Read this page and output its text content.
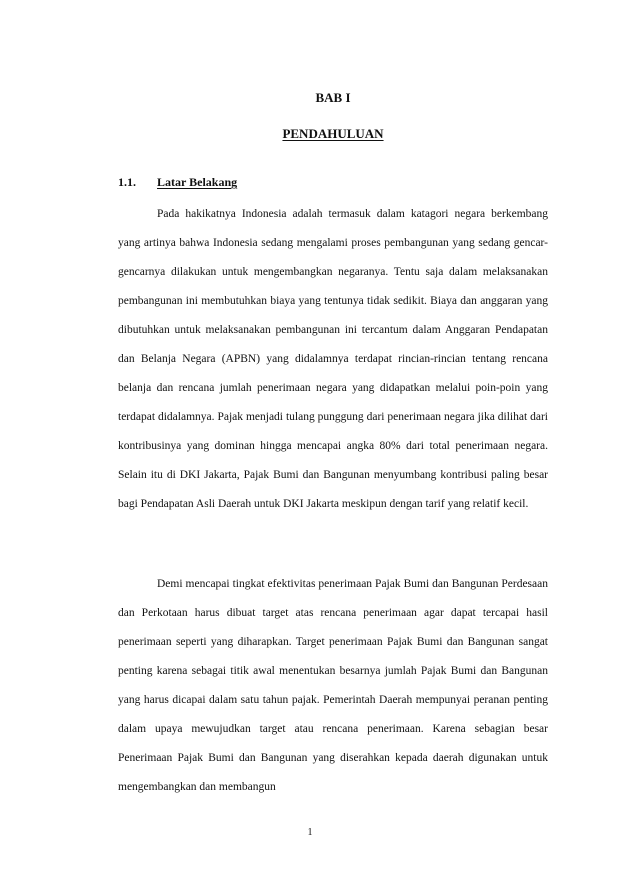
BAB I
PENDAHULUAN
1.1. Latar Belakang

Pada hakikatnya Indonesia adalah termasuk dalam katagori negara berkembang yang artinya bahwa Indonesia sedang mengalami proses pembangunan yang sedang gencar-gencarnya dilakukan untuk mengembangkan negaranya. Tentu saja dalam melaksanakan pembangunan ini membutuhkan biaya yang tentunya tidak sedikit. Biaya dan anggaran yang dibutuhkan untuk melaksanakan pembangunan ini tercantum dalam Anggaran Pendapatan dan Belanja Negara (APBN) yang didalamnya terdapat rincian-rincian tentang rencana belanja dan rencana jumlah penerimaan negara yang didapatkan melalui poin-poin yang terdapat didalamnya. Pajak menjadi tulang punggung dari penerimaan negara jika dilihat dari kontribusinya yang dominan hingga mencapai angka 80% dari total penerimaan negara. Selain itu di DKI Jakarta, Pajak Bumi dan Bangunan menyumbang kontribusi paling besar bagi Pendapatan Asli Daerah untuk DKI Jakarta meskipun dengan tarif yang relatif kecil.

Demi mencapai tingkat efektivitas penerimaan Pajak Bumi dan Bangunan Perdesaan dan Perkotaan harus dibuat target atas rencana penerimaan agar dapat tercapai hasil penerimaan seperti yang diharapkan. Target penerimaan Pajak Bumi dan Bangunan sangat penting karena sebagai titik awal menentukan besarnya jumlah Pajak Bumi dan Bangunan yang harus dicapai dalam satu tahun pajak. Pemerintah Daerah mempunyai peranan penting dalam upaya mewujudkan target atau rencana penerimaan. Karena sebagian besar Penerimaan Pajak Bumi dan Bangunan yang diserahkan kepada daerah digunakan untuk mengembangkan dan membangun

1
